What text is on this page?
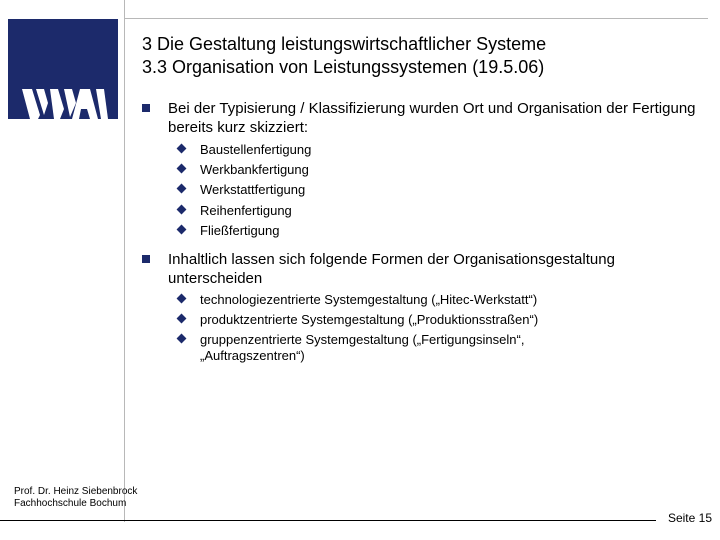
3 Die Gestaltung leistungswirtschaftlicher Systeme
3.3 Organisation von Leistungssystemen (19.5.06)
Bei der Typisierung / Klassifizierung wurden Ort und Organisation der Fertigung bereits kurz skizziert:
Baustellenfertigung
Werkbankfertigung
Werkstattfertigung
Reihenfertigung
Fließfertigung
Inhaltlich lassen sich folgende Formen der Organisationsgestaltung unterscheiden
technologiezentrierte Systemgestaltung („Hitec-Werkstatt“)
produktzentrierte Systemgestaltung („Produktionsstraßen“)
gruppenzentrierte Systemgestaltung („Fertigungsinseln“, „Auftragszentren“)
Prof. Dr. Heinz Siebenbrock
Fachhochschule Bochum
Seite 15
